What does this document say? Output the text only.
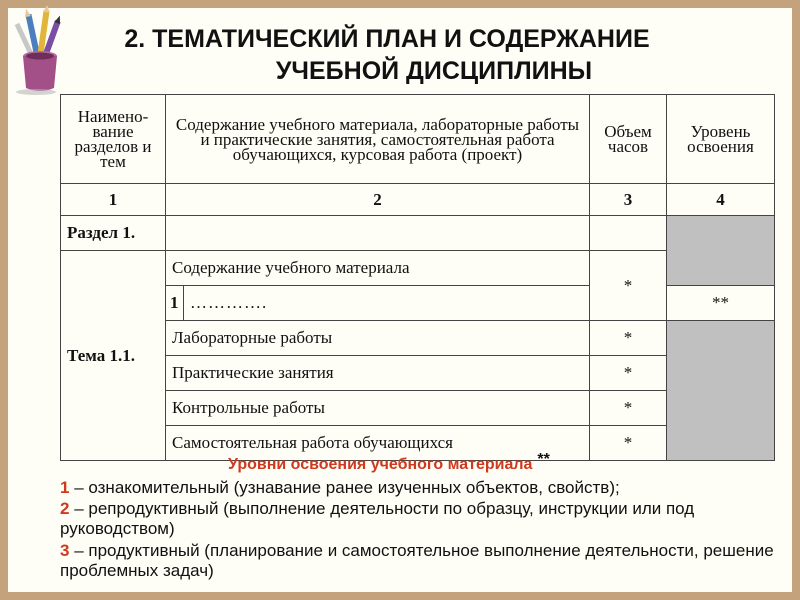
2. ТЕМАТИЧЕСКИЙ ПЛАН И СОДЕРЖАНИЕ
УЧЕБНОЙ ДИСЦИПЛИНЫ
Наимено-вание разделов и тем	Содержание учебного материала, лабораторные работы и практические занятия, самостоятельная работа обучающихся, курсовая работа (проект)		Объем часов	Уровень освоения
1	2		3	4
Раздел 1.				
Тема 1.1.	Содержание учебного материала		*	
	1	………….		**
	Лабораторные работы		*	
	Практические занятия		*	
	Контрольные работы		*	
	Самостоятельная работа обучающихся		*	
Уровни освоения учебного материала **
1 – ознакомительный (узнавание ранее изученных объектов, свойств);
2 – репродуктивный (выполнение деятельности по образцу, инструкции или под руководством)
3 – продуктивный (планирование и самостоятельное выполнение деятельности, решение проблемных задач)
